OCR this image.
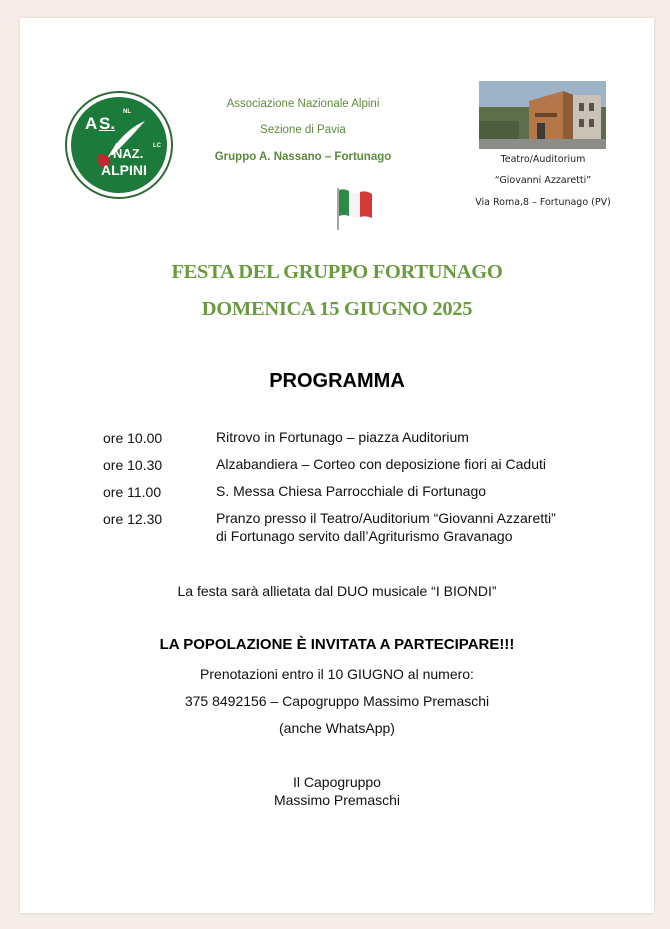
A S.
NL
NAZ. LC
ALPINI
Associazione Nazionale Alpini
Sezione di Pavia
Gruppo A. Nassano – Fortunago	Teatro/Auditorium
“Giovanni Azzaretti”
Via Roma,8 – Fortunago (PV)
FESTA DEL GRUPPO FORTUNAGO
DOMENICA 15 GIUGNO 2025
PROGRAMMA
ore 10.00	Ritrovo in Fortunago – piazza Auditorium
ore 10.30	Alzabandiera – Corteo con deposizione fiori ai Caduti
ore 11.00	S. Messa Chiesa Parrocchiale di Fortunago
ore 12.30	Pranzo presso il Teatro/Auditorium “Giovanni Azzaretti”
di Fortunago servito dall’Agriturismo Gravanago
La festa sarà allietata dal DUO musicale “I BIONDI”
LA POPOLAZIONE È INVITATA A PARTECIPARE!!!
Prenotazioni entro il 10 GIUGNO al numero:
375 8492156 – Capogruppo Massimo Premaschi
(anche WhatsApp)
Il Capogruppo
Massimo Premaschi
